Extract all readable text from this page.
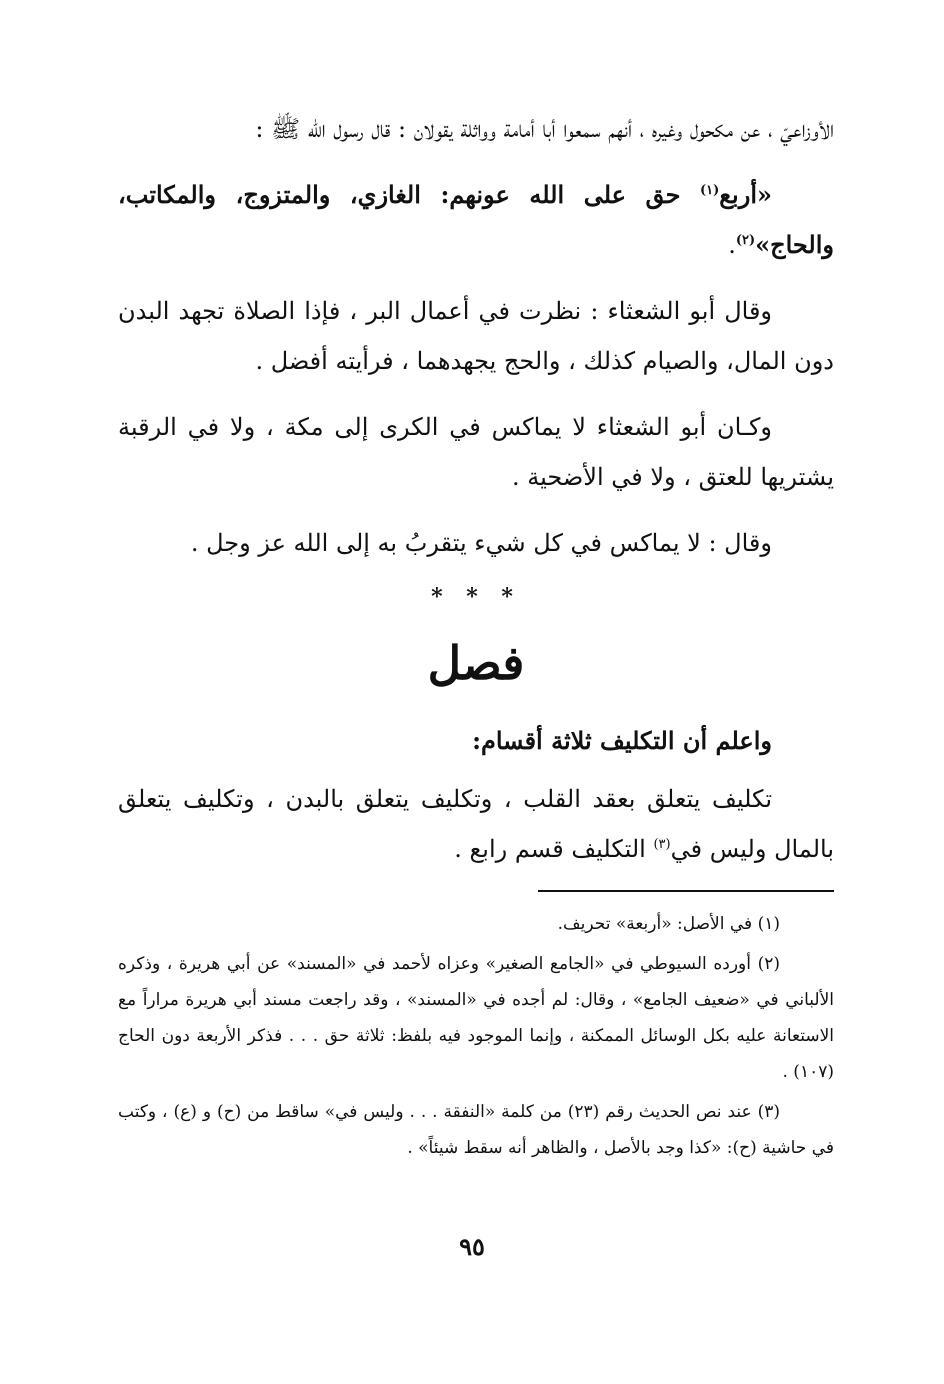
الأوزاعيّ ، عن مكحول وغيره ، أنهم سمعوا أبا أمامة وواثلة يقولان : قال رسول الله ﷺ :

«أربع$^{(١)}$ حق على الله عونهم: الغازي، والمتزوج، والمكاتب، والحاج»$^{(٢)}$.

وقال أبو الشعثاء : نظرت في أعمال البر ، فإذا الصلاة تجهد البدن دون المال، والصيام كذلك ، والحج يجهدهما ، فرأيته أفضل .

وكـان أبو الشعثاء لا يماكس في الكرى إلى مكة ، ولا في الرقبة يشتريها للعتق ، ولا في الأضحية .

وقال : لا يماكس في كل شيء يتقربُ به إلى الله عز وجل .

* * *
فصل

واعلم أن التكليف ثلاثة أقسام:

تكليف يتعلق بعقد القلب ، وتكليف يتعلق بالبدن ، وتكليف يتعلق بالمال وليس في$^{(٣)}$ التكليف قسم رابع .

(١) في الأصل: «أربعة» تحريف.

(٢) أورده السيوطي في «الجامع الصغير» وعزاه لأحمد في «المسند» عن أبي هريرة ، وذكره الألباني في «ضعيف الجامع» ، وقال: لم أجده في «المسند» ، وقد راجعت مسند أبي هريرة مراراً مع الاستعانة عليه بكل الوسائل الممكنة ، وإنما الموجود فيه بلفظ: ثلاثة حق . . . فذكر الأربعة دون الحاج (١٠٧) .

(٣) عند نص الحديث رقم (٢٣) من كلمة «النفقة . . . وليس في» ساقط من (ح) و (ع) ، وكتب في حاشية (ح): «كذا وجد بالأصل ، والظاهر أنه سقط شيئاً» .

٩٥
